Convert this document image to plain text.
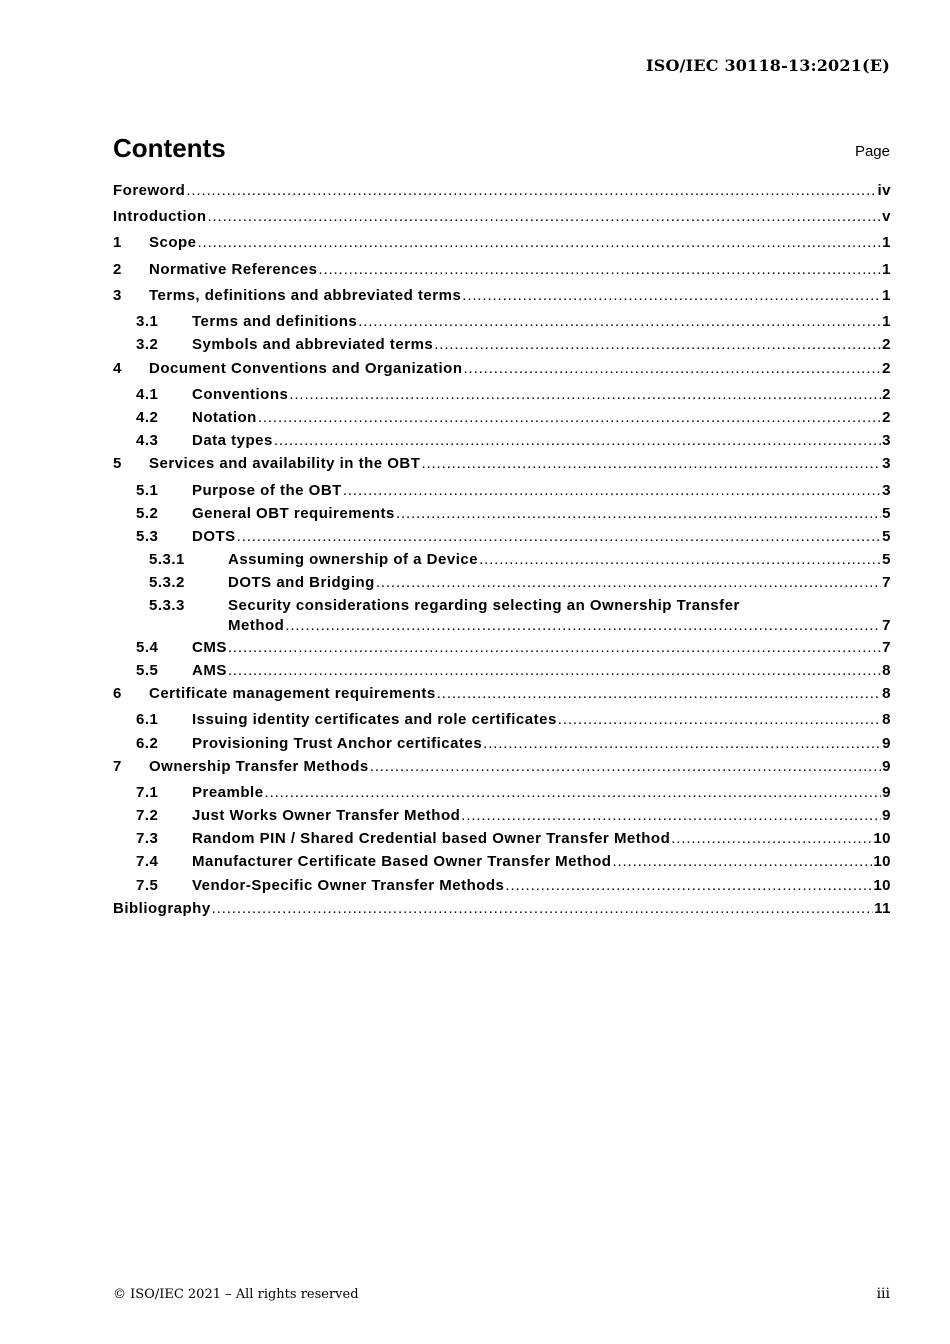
ISO/IEC 30118-13:2021(E)
Contents	Page
Foreword . . .	iv
Introduction . . .	v
1 Scope . . .	1
2 Normative References . . .	1
3 Terms, definitions and abbreviated terms . . .	1
3.1 Terms and definitions . . .	1
3.2 Symbols and abbreviated terms . . .	2
4 Document Conventions and Organization . . .	2
4.1 Conventions . . .	2
4.2 Notation . . .	2
4.3 Data types . . .	3
5 Services and availability in the OBT . . .	3
5.1 Purpose of the OBT . . .	3
5.2 General OBT requirements . . .	5
5.3 DOTS . . .	5
5.3.1	Assuming ownership of a Device . . .	5
5.3.2	DOTS and Bridging . . .	7
5.3.3	Security considerations regarding selecting an Ownership Transfer
Method . . .	7
5.4 CMS . . .	7
5.5 AMS . . .	8
6 Certificate management requirements . . .	8
6.1 Issuing identity certificates and role certificates . . .	8
6.2 Provisioning Trust Anchor certificates . . .	9
7 Ownership Transfer Methods . . .	9
7.1 Preamble . . .	9
7.2 Just Works Owner Transfer Method . . .	9
7.3 Random PIN / Shared Credential based Owner Transfer Method . . .	10
7.4 Manufacturer Certificate Based Owner Transfer Method . . .	10
7.5 Vendor-Specific Owner Transfer Methods . . .	10
Bibliography . . .	11
© ISO/IEC 2021 – All rights reserved	iii
